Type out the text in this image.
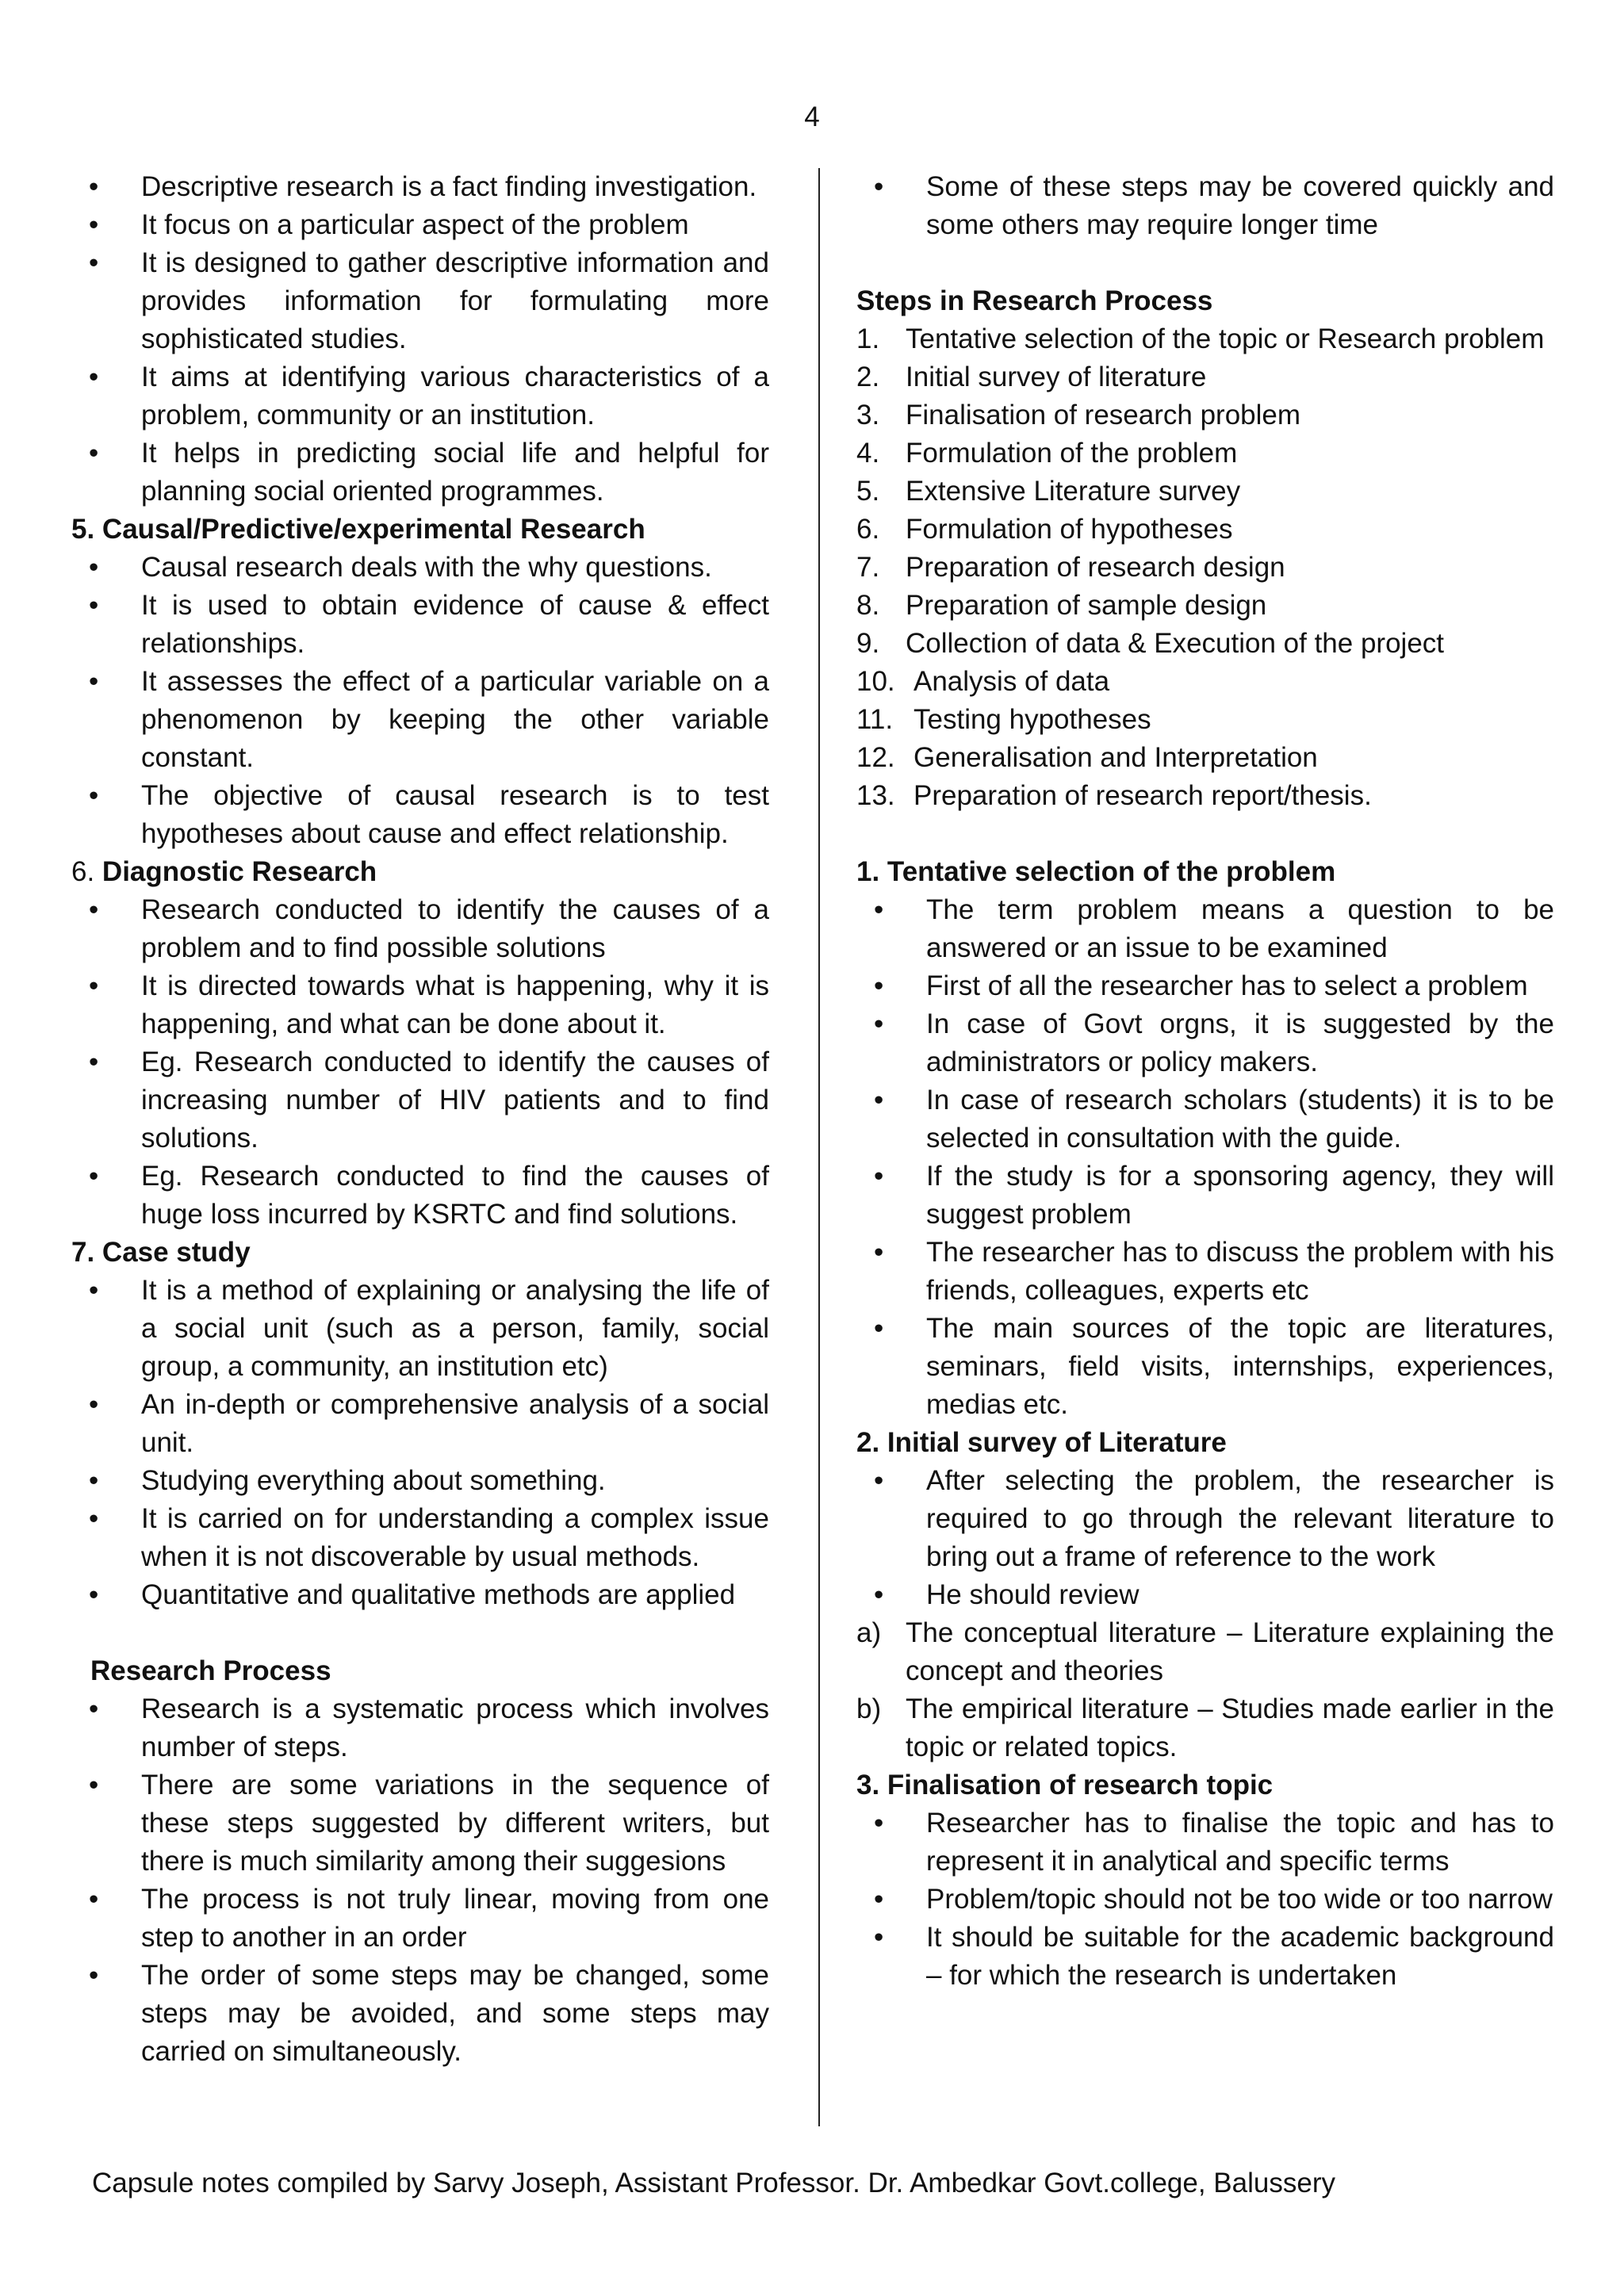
4
• Descriptive research is a fact finding investigation.
• It focus on a particular aspect of the problem
• It is designed to gather descriptive information and provides information for formulating more sophisticated studies.
• It aims at identifying various characteristics of a problem, community or an institution.
• It helps in predicting social life and helpful for planning social oriented programmes.
5. Causal/Predictive/experimental Research
• Causal research deals with the why questions.
• It is used to obtain evidence of cause & effect relationships.
• It assesses the effect of a particular variable on a phenomenon by keeping the other variable constant.
• The objective of causal research is to test hypotheses about cause and effect relationship.
6. Diagnostic Research
• Research conducted to identify the causes of a problem and to find possible solutions
• It is directed towards what is happening, why it is happening, and what can be done about it.
• Eg. Research conducted to identify the causes of increasing number of HIV patients and to find solutions.
• Eg. Research conducted to find the causes of huge loss incurred by KSRTC and find solutions.
7. Case study
• It is a method of explaining or analysing the life of a social unit (such as a person, family, social group, a community, an institution etc)
• An in-depth or comprehensive analysis of a social unit.
• Studying everything about something.
• It is carried on for understanding a complex issue when it is not discoverable by usual methods.
• Quantitative and qualitative methods are applied
Research Process
• Research is a systematic process which involves number of steps.
• There are some variations in the sequence of these steps suggested by different writers, but there is much similarity among their suggesions
• The process is not truly linear, moving from one step to another in an order
• The order of some steps may be changed, some steps may be avoided, and some steps may carried on simultaneously.
• Some of these steps may be covered quickly and some others may require longer time
Steps in Research Process
1. Tentative selection of the topic or Research problem
2. Initial survey of literature
3. Finalisation of research problem
4. Formulation of the problem
5. Extensive Literature survey
6. Formulation of hypotheses
7. Preparation of research design
8. Preparation of sample design
9. Collection of data & Execution of the project
10. Analysis of data
11. Testing hypotheses
12. Generalisation and Interpretation
13. Preparation of research report/thesis.
1. Tentative selection of the problem
• The term problem means a question to be answered or an issue to be examined
• First of all the researcher has to select a problem
• In case of Govt orgns, it is suggested by the administrators or policy makers.
• In case of research scholars (students) it is to be selected in consultation with the guide.
• If the study is for a sponsoring agency, they will suggest problem
• The researcher has to discuss the problem with his friends, colleagues, experts etc
• The main sources of the topic are literatures, seminars, field visits, internships, experiences, medias etc.
2. Initial survey of Literature
• After selecting the problem, the researcher is required to go through the relevant literature to bring out a frame of reference to the work
• He should review
a) The conceptual literature – Literature explaining the concept and theories
b) The empirical literature – Studies made earlier in the topic or related topics.
3. Finalisation of research topic
• Researcher has to finalise the topic and has to represent it in analytical and specific terms
• Problem/topic should not be too wide or too narrow
• It should be suitable for the academic background – for which the research is undertaken
Capsule notes compiled by Sarvy Joseph, Assistant Professor. Dr. Ambedkar Govt.college, Balussery
